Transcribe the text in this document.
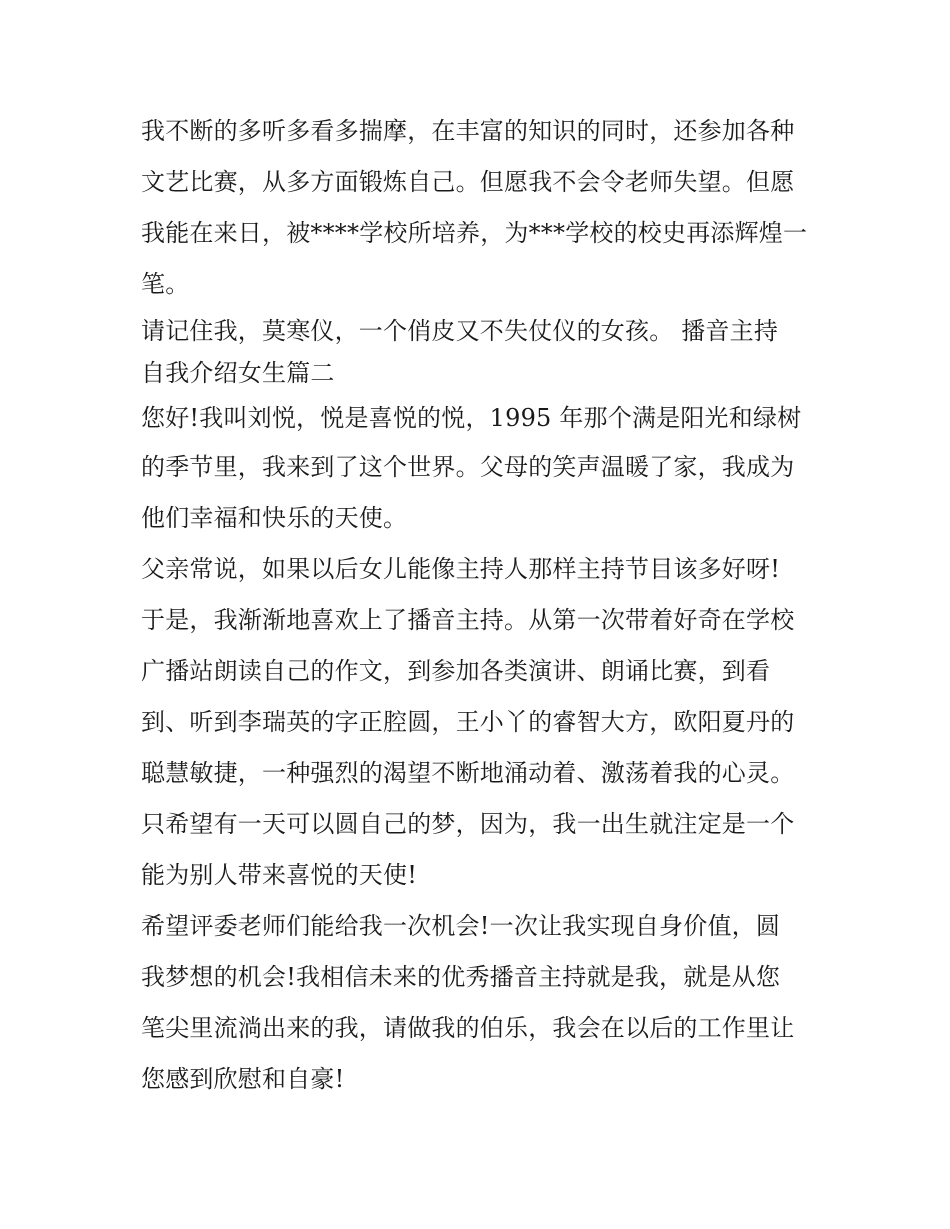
我不断的多听多看多揣摩，在丰富的知识的同时，还参加各种
文艺比赛，从多方面锻炼自己。但愿我不会令老师失望。但愿
我能在来日，被****学校所培养，为***学校的校史再添辉煌一
笔。
请记住我，莫寒仪，一个俏皮又不失仗仪的女孩。 播音主持
自我介绍女生篇二
您好!我叫刘悦，悦是喜悦的悦，1995 年那个满是阳光和绿树
的季节里，我来到了这个世界。父母的笑声温暖了家，我成为
他们幸福和快乐的天使。
父亲常说，如果以后女儿能像主持人那样主持节目该多好呀!
于是，我渐渐地喜欢上了播音主持。从第一次带着好奇在学校
广播站朗读自己的作文，到参加各类演讲、朗诵比赛，到看
到、听到李瑞英的字正腔圆，王小丫的睿智大方，欧阳夏丹的
聪慧敏捷，一种强烈的渴望不断地涌动着、激荡着我的心灵。
只希望有一天可以圆自己的梦，因为，我一出生就注定是一个
能为别人带来喜悦的天使!
希望评委老师们能给我一次机会!一次让我实现自身价值，圆
我梦想的机会!我相信未来的优秀播音主持就是我，就是从您
笔尖里流淌出来的我，请做我的伯乐，我会在以后的工作里让
您感到欣慰和自豪!
